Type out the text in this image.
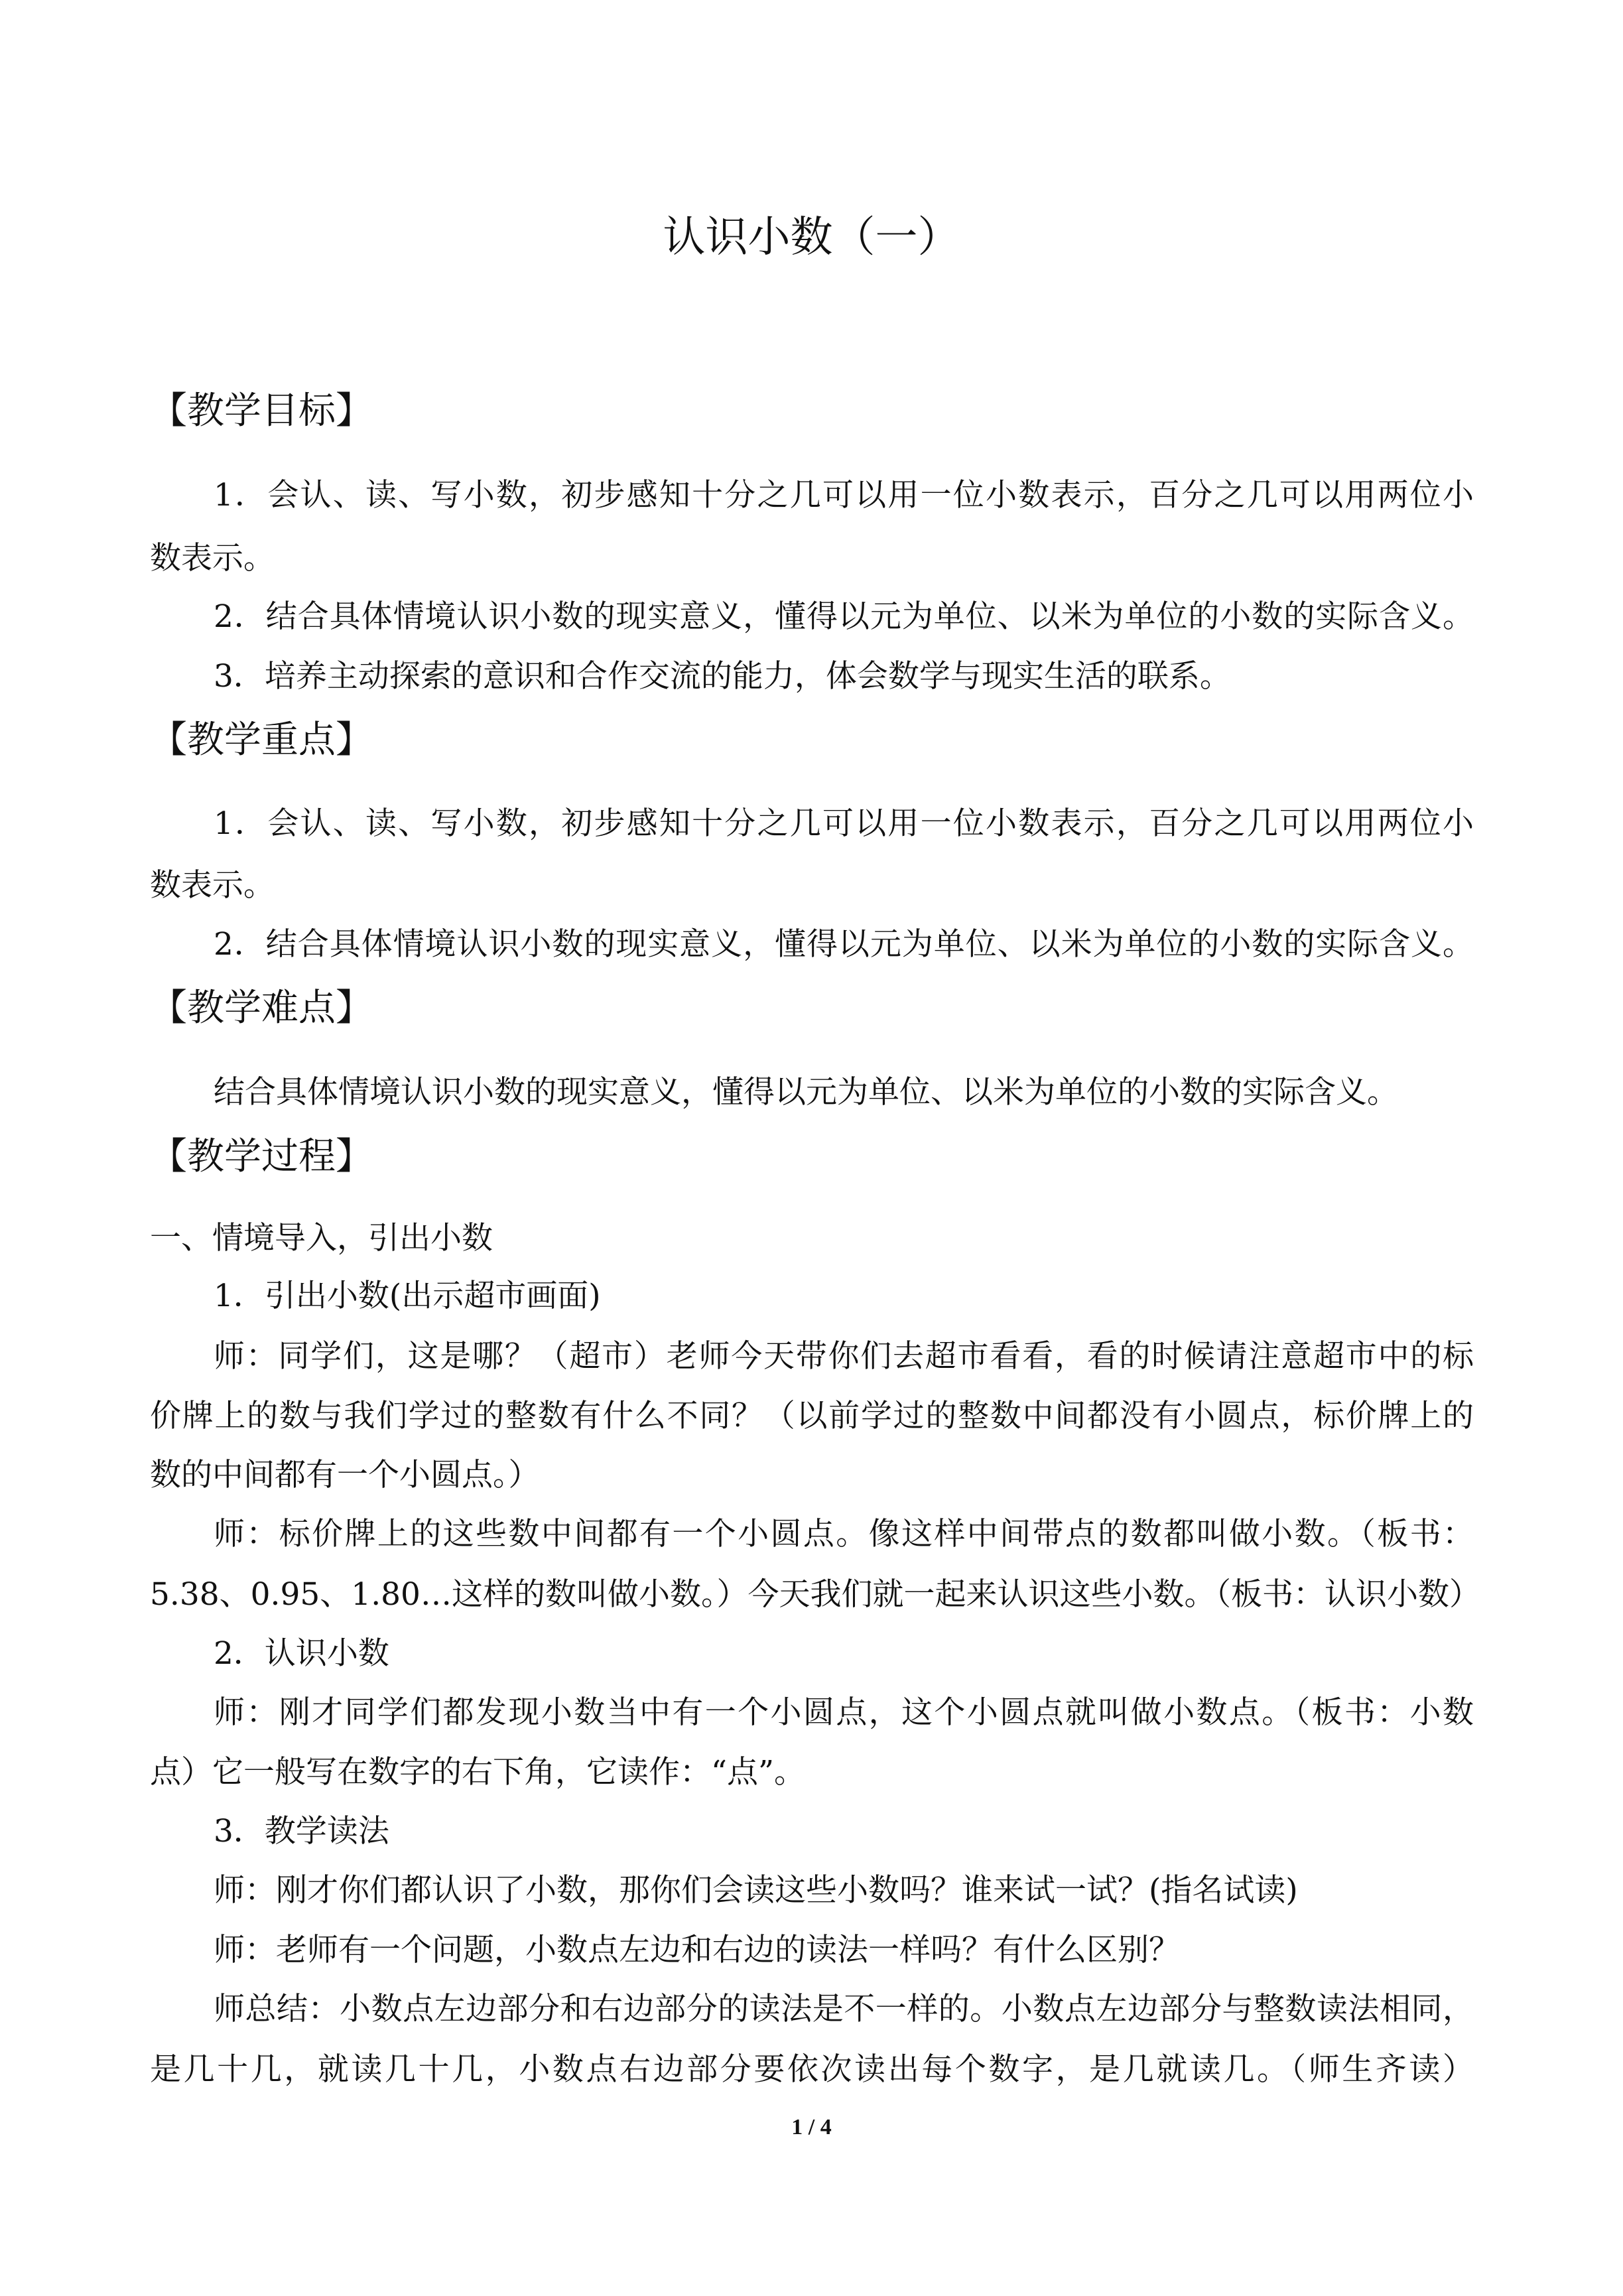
认识小数（一）
【教学目标】
1．会认、读、写小数，初步感知十分之几可以用一位小数表示，百分之几可以用两位小
数表示。
2．结合具体情境认识小数的现实意义，懂得以元为单位、以米为单位的小数的实际含义。
3．培养主动探索的意识和合作交流的能力，体会数学与现实生活的联系。
【教学重点】
1．会认、读、写小数，初步感知十分之几可以用一位小数表示，百分之几可以用两位小
数表示。
2．结合具体情境认识小数的现实意义，懂得以元为单位、以米为单位的小数的实际含义。
【教学难点】
结合具体情境认识小数的现实意义，懂得以元为单位、以米为单位的小数的实际含义。
【教学过程】
一、情境导入，引出小数
1．引出小数(出示超市画面)
师：同学们，这是哪？（超市）老师今天带你们去超市看看，看的时候请注意超市中的标
价牌上的数与我们学过的整数有什么不同？（以前学过的整数中间都没有小圆点，标价牌上的
数的中间都有一个小圆点。）
师：标价牌上的这些数中间都有一个小圆点。像这样中间带点的数都叫做小数。（板书：
5.38、0.95、1.80…这样的数叫做小数。）今天我们就一起来认识这些小数。（板书：认识小数）
2．认识小数
师：刚才同学们都发现小数当中有一个小圆点，这个小圆点就叫做小数点。（板书：小数
点）它一般写在数字的右下角，它读作：“点”。
3．教学读法
师：刚才你们都认识了小数，那你们会读这些小数吗？谁来试一试？(指名试读)
师：老师有一个问题，小数点左边和右边的读法一样吗？有什么区别？
师总结：小数点左边部分和右边部分的读法是不一样的。小数点左边部分与整数读法相同，
是几十几，就读几十几，小数点右边部分要依次读出每个数字，是几就读几。（师生齐读）
1 / 4
